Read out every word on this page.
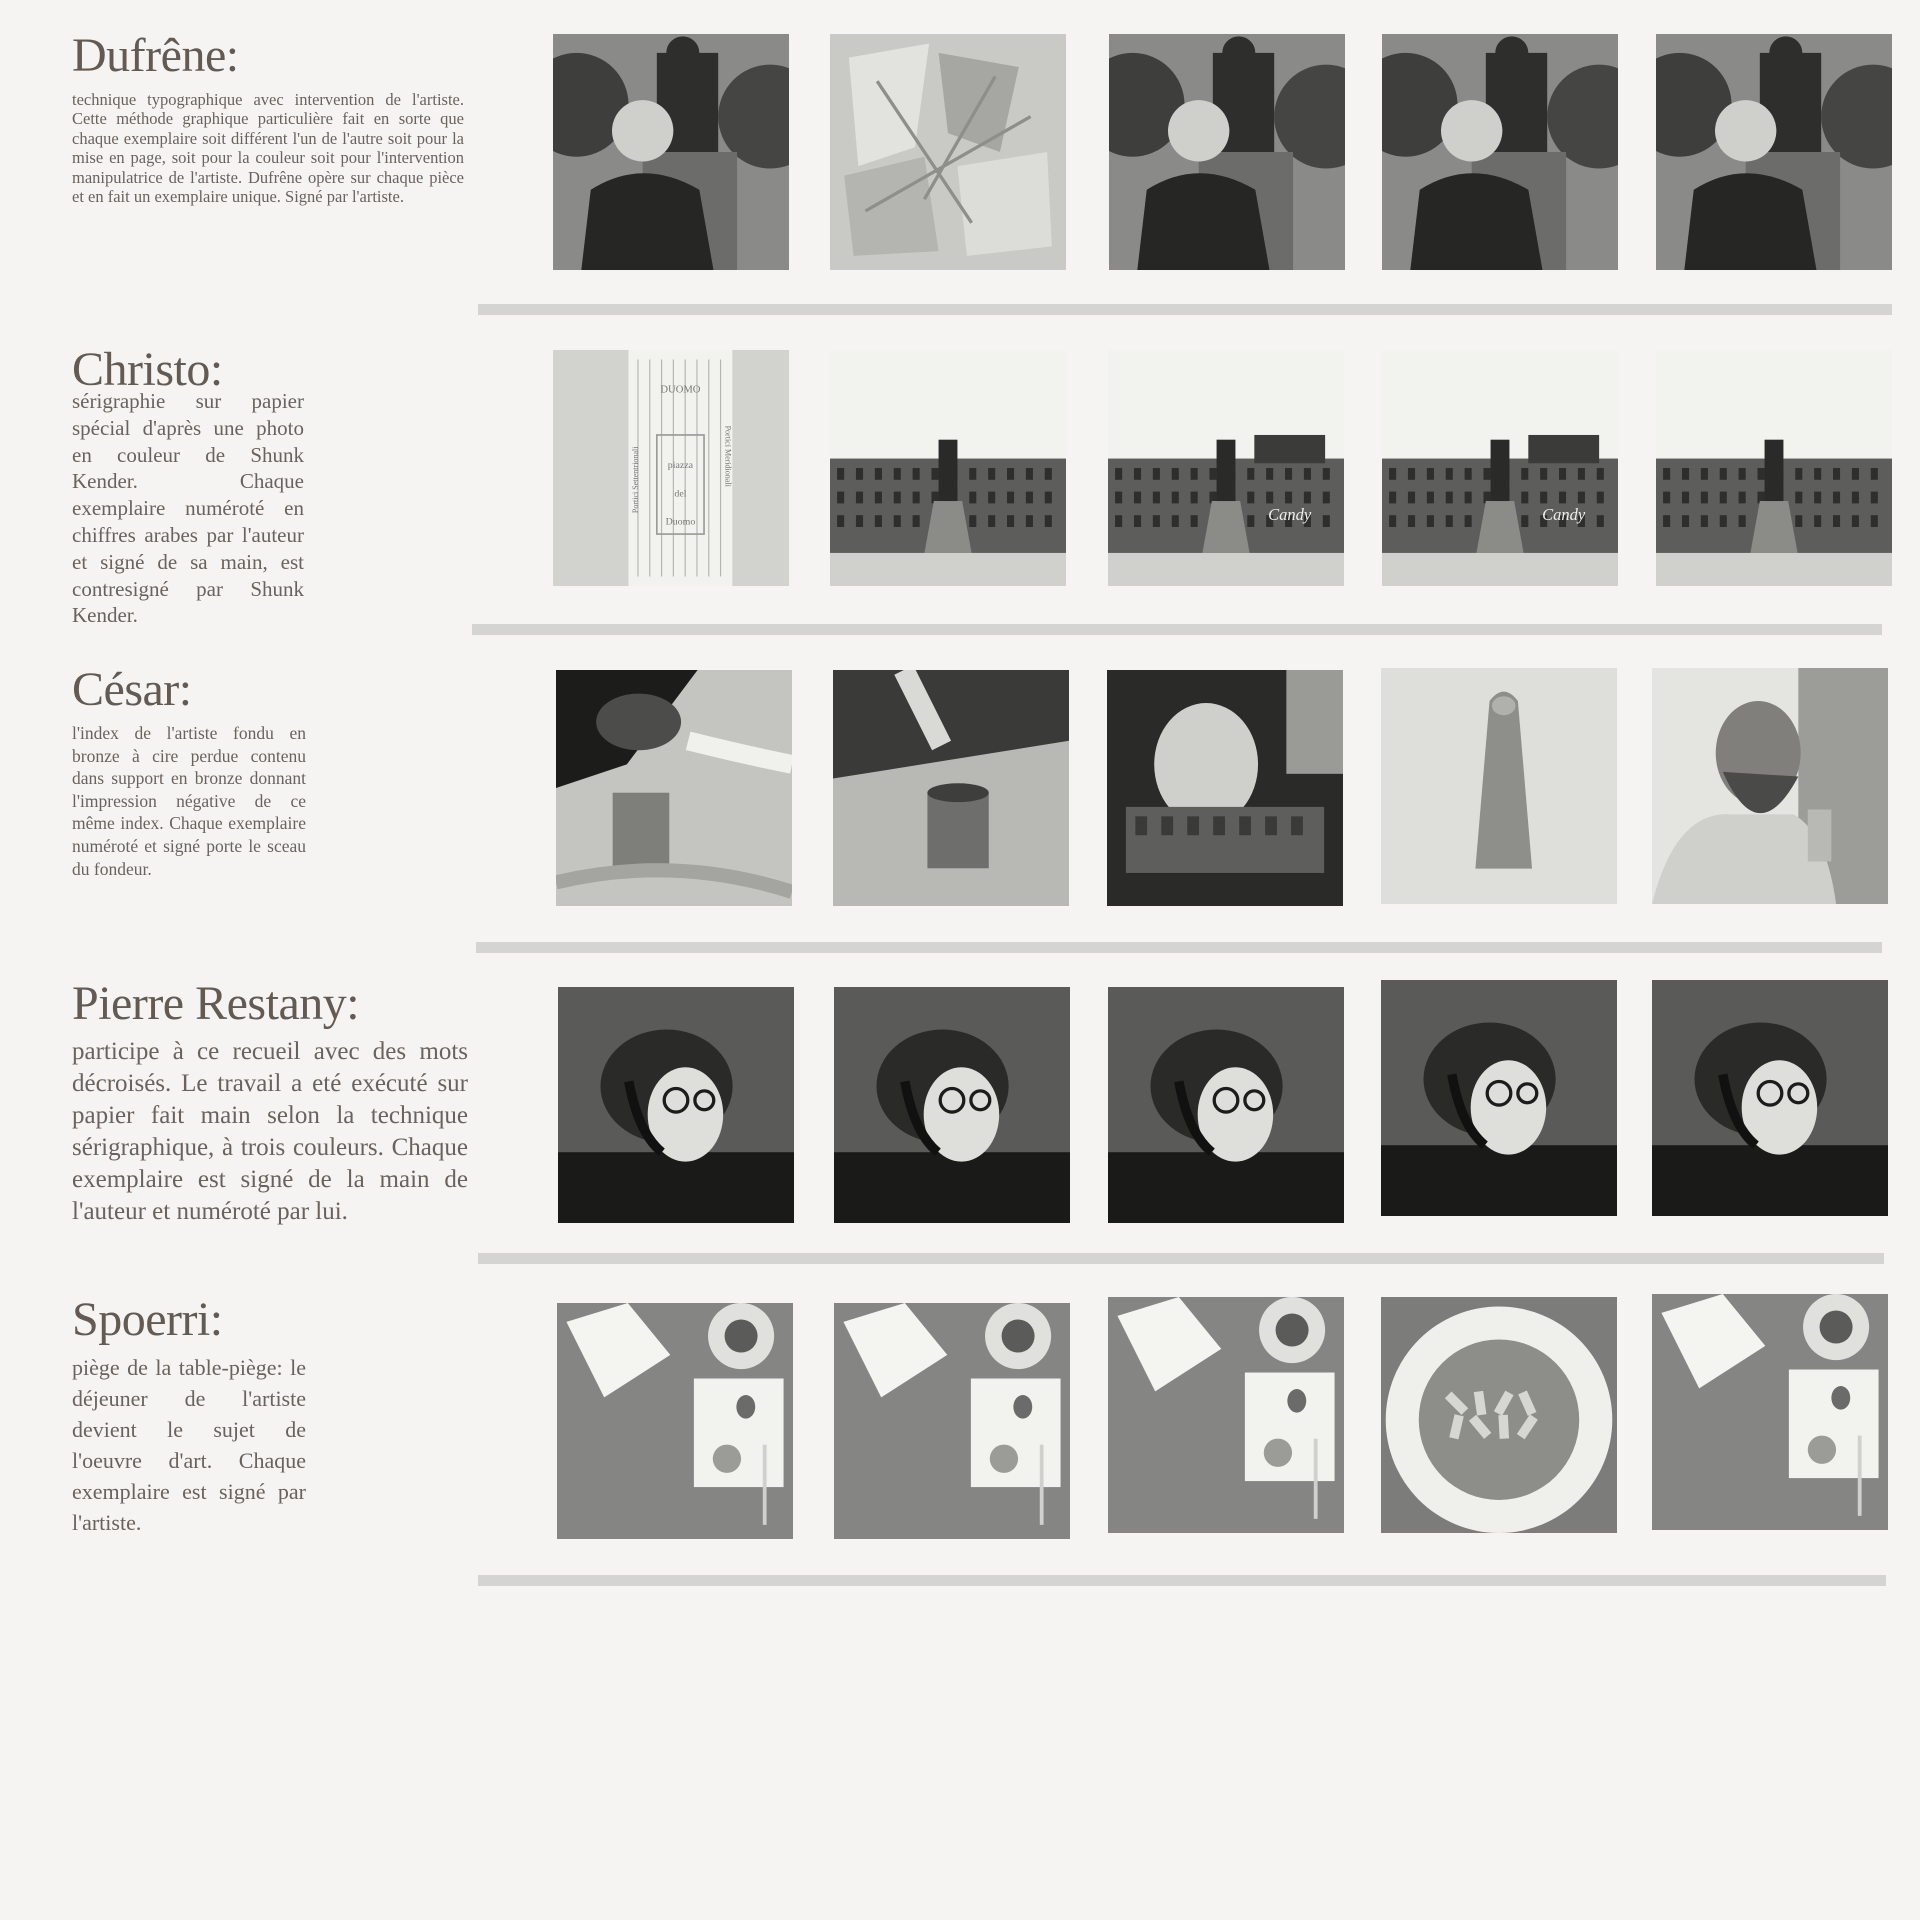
Dufrêne:

technique typographique avec intervention de l'artiste. Cette méthode graphique particulière fait en sorte que chaque exemplaire soit différent l'un de l'autre soit pour la mise en page, soit pour la couleur soit pour l'intervention manipulatrice de l'artiste. Dufrêne opère sur chaque pièce et en fait un exemplaire unique. Signé par l'artiste.

Christo:

sérigraphie sur papier spécial d'après une photo en couleur de Shunk Kender. Chaque exemplaire numéroté en chiffres arabes par l'auteur et signé de sa main, est contresigné par Shunk Kender.

DUOMO
piazza
del
Duomo
Portici Settentrionali	Portici Meridionali
Candy	Candy
César:

l'index de l'artiste fondu en bronze à cire perdue contenu dans support en bronze donnant l'impression négative de ce même index. Chaque exemplaire numéroté et signé porte le sceau du fondeur.

Pierre Restany:

participe à ce recueil avec des mots décroisés. Le travail a eté exécuté sur papier fait main selon la technique sérigraphique, à trois couleurs. Chaque exemplaire est signé de la main de l'auteur et numéroté par lui.

Spoerri:

piège de la table-piège: le déjeuner de l'artiste devient le sujet de l'oeuvre d'art. Chaque exemplaire est signé par l'artiste.
